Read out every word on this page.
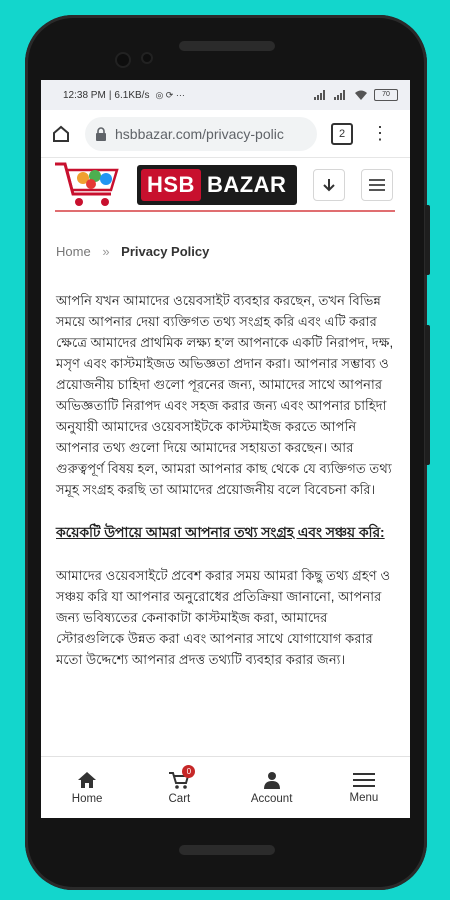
12:38 PM | 6.1KB/s ◎ ⟳ ···	70
hsbbazar.com/privacy-polic	2	⋮
HSB BAZAR
Home » Privacy Policy

আপনি যখন আমাদের ওয়েবসাইট ব্যবহার করছেন, তখন বিভিন্ন সময়ে আপনার দেয়া ব্যক্তিগত তথ্য সংগ্রহ করি এবং এটি করার ক্ষেত্রে আমাদের প্রাথমিক লক্ষ্য হ’ল আপনাকে একটি নিরাপদ, দক্ষ, মসৃণ এবং কাস্টমাইজড অভিজ্ঞতা প্রদান করা। আপনার সম্ভাব্য ও প্রয়োজনীয় চাহিদা গুলো পূরনের জন্য, আমাদের সাথে আপনার অভিজ্ঞতাটি নিরাপদ এবং সহজ করার জন্য এবং আপনার চাহিদা অনুযায়ী আমাদের ওয়েবসাইটকে কাস্টমাইজ করতে আপনি আপনার তথ্য গুলো দিয়ে আমাদের সহায়তা করছেন। আর গুরুত্বপূর্ণ বিষয় হল, আমরা আপনার কাছ থেকে যে ব্যক্তিগত তথ্য সমূহ সংগ্রহ করছি তা আমাদের প্রয়োজনীয় বলে বিবেচনা করি।

কয়েকটি উপায়ে আমরা আপনার তথ্য সংগ্রহ এবং সঞ্চয় করি:

আমাদের ওয়েবসাইটে প্রবেশ করার সময় আমরা কিছু তথ্য গ্রহণ ও সঞ্চয় করি যা আপনার অনুরোধের প্রতিক্রিয়া জানানো, আপনার জন্য ভবিষ্যতের কেনাকাটা কাস্টমাইজ করা, আমাদের স্টোরগুলিকে উন্নত করা এবং আপনার সাথে যোগাযোগ করার মতো উদ্দেশ্যে আপনার প্রদত্ত তথ্যটি ব্যবহার করার জন্য।

Home
0
Cart	Account	Menu
